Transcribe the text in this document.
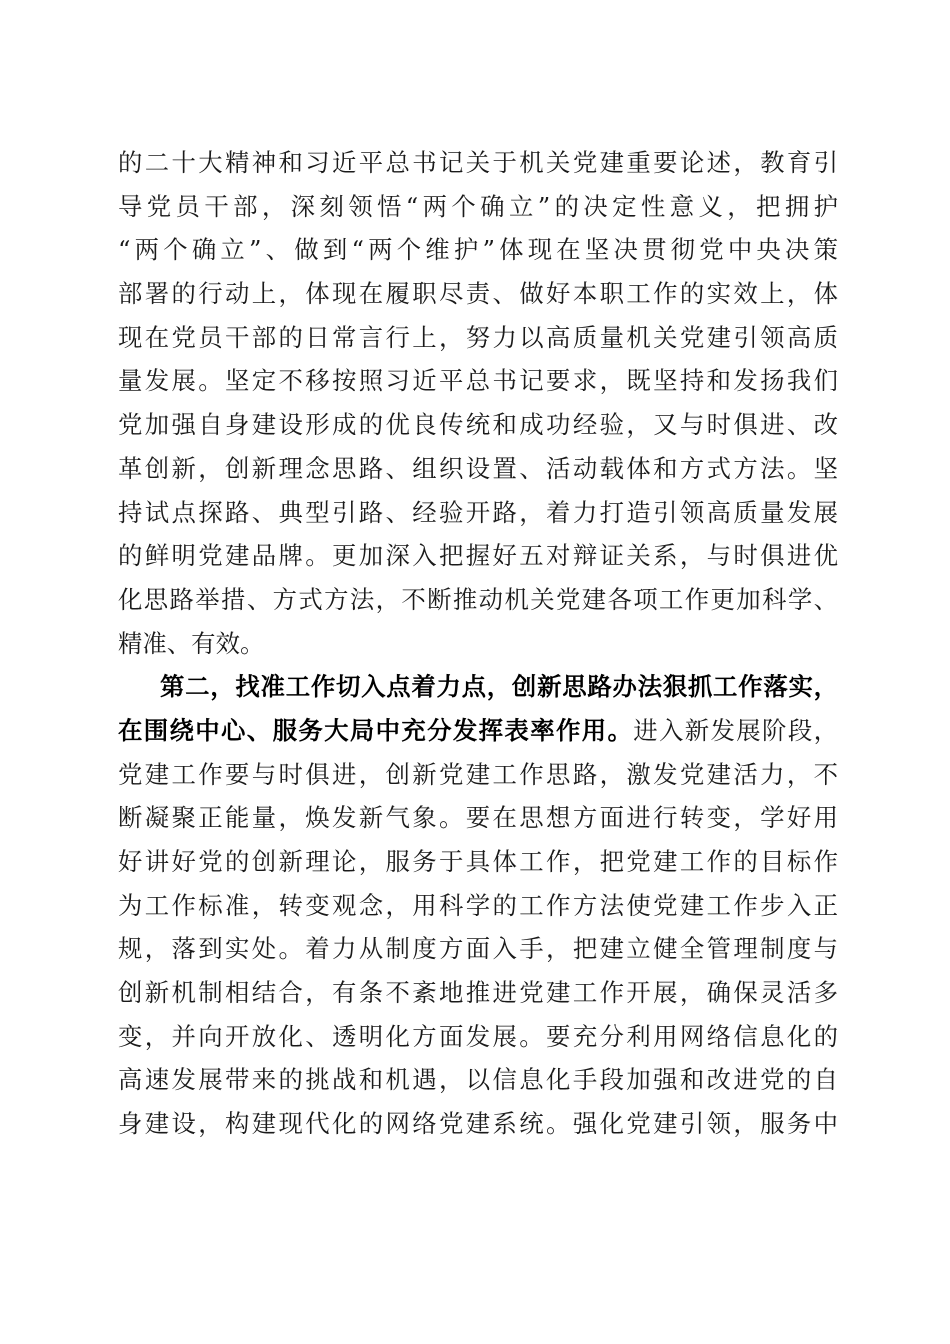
的二十大精神和习近平总书记关于机关党建重要论述，教育引
导党员干部，深刻领悟“两个确立”的决定性意义，把拥护
“两个确立”、做到“两个维护”体现在坚决贯彻党中央决策
部署的行动上，体现在履职尽责、做好本职工作的实效上，体
现在党员干部的日常言行上，努力以高质量机关党建引领高质
量发展。坚定不移按照习近平总书记要求，既坚持和发扬我们
党加强自身建设形成的优良传统和成功经验，又与时俱进、改
革创新，创新理念思路、组织设置、活动载体和方式方法。坚
持试点探路、典型引路、经验开路，着力打造引领高质量发展
的鲜明党建品牌。更加深入把握好五对辩证关系，与时俱进优
化思路举措、方式方法，不断推动机关党建各项工作更加科学、
精准、有效。
第二，找准工作切入点着力点，创新思路办法狠抓工作落实，
在围绕中心、服务大局中充分发挥表率作用。进入新发展阶段，
党建工作要与时俱进，创新党建工作思路，激发党建活力，不
断凝聚正能量，焕发新气象。要在思想方面进行转变，学好用
好讲好党的创新理论，服务于具体工作，把党建工作的目标作
为工作标准，转变观念，用科学的工作方法使党建工作步入正
规，落到实处。着力从制度方面入手，把建立健全管理制度与
创新机制相结合，有条不紊地推进党建工作开展，确保灵活多
变，并向开放化、透明化方面发展。要充分利用网络信息化的
高速发展带来的挑战和机遇，以信息化手段加强和改进党的自
身建设，构建现代化的网络党建系统。强化党建引领，服务中
